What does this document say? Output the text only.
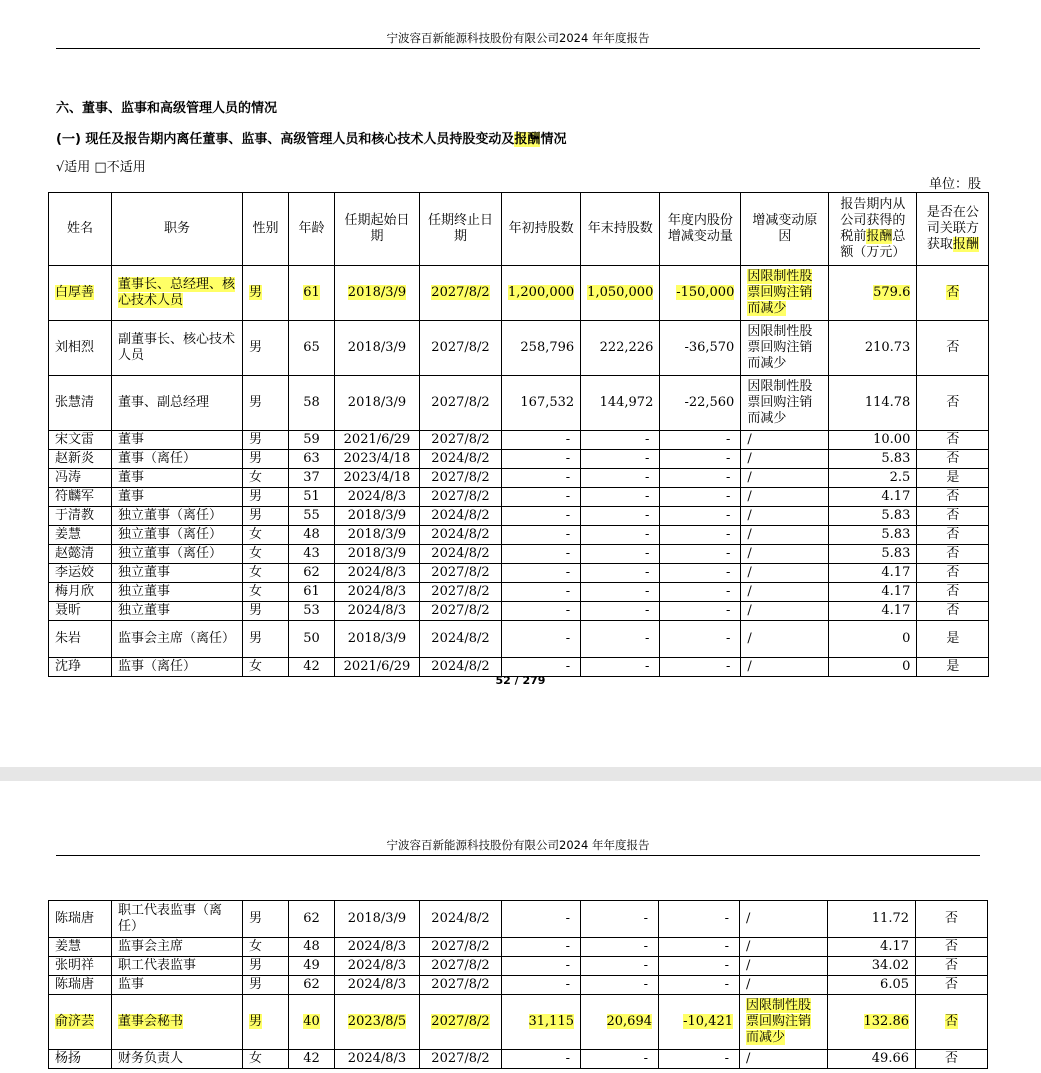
宁波容百新能源科技股份有限公司2024 年年度报告
六、董事、监事和高级管理人员的情况
(一) 现任及报告期内离任董事、监事、高级管理人员和核心技术人员持股变动及报酬情况
√适用 □不适用
单位：股
姓名	职务	性别	年龄	任期起始日期	任期终止日期	年初持股数	年末持股数	年度内股份增减变动量	增减变动原因	报告期内从公司获得的税前报酬总额（万元）	是否在公司关联方获取报酬
白厚善	董事长、总经理、核心技术人员	男	61	2018/3/9	2027/8/2	1,200,000	1,050,000	-150,000	因限制性股票回购注销而减少	579.6	否
刘相烈	副董事长、核心技术人员	男	65	2018/3/9	2027/8/2	258,796	222,226	-36,570	因限制性股票回购注销而减少	210.73	否
张慧清	董事、副总经理	男	58	2018/3/9	2027/8/2	167,532	144,972	-22,560	因限制性股票回购注销而减少	114.78	否
宋文雷	董事	男	59	2021/6/29	2027/8/2	-	-	-	/	10.00	否
赵新炎	董事（离任）	男	63	2023/4/18	2024/8/2	-	-	-	/	5.83	否
冯涛	董事	女	37	2023/4/18	2027/8/2	-	-	-	/	2.5	是
符麟军	董事	男	51	2024/8/3	2027/8/2	-	-	-	/	4.17	否
于清教	独立董事（离任）	男	55	2018/3/9	2024/8/2	-	-	-	/	5.83	否
姜慧	独立董事（离任）	女	48	2018/3/9	2024/8/2	-	-	-	/	5.83	否
赵懿清	独立董事（离任）	女	43	2018/3/9	2024/8/2	-	-	-	/	5.83	否
李运姣	独立董事	女	62	2024/8/3	2027/8/2	-	-	-	/	4.17	否
梅月欣	独立董事	女	61	2024/8/3	2027/8/2	-	-	-	/	4.17	否
聂昕	独立董事	男	53	2024/8/3	2027/8/2	-	-	-	/	4.17	否
朱岩	监事会主席（离任）	男	50	2018/3/9	2024/8/2	-	-	-	/	0	是
沈琤	监事（离任）	女	42	2021/6/29	2024/8/2	-	-	-	/	0	是
52 / 279
宁波容百新能源科技股份有限公司2024 年年度报告
陈瑞唐	职工代表监事（离任）	男	62	2018/3/9	2024/8/2	-	-	-	/	11.72	否
姜慧	监事会主席	女	48	2024/8/3	2027/8/2	-	-	-	/	4.17	否
张明祥	职工代表监事	男	49	2024/8/3	2027/8/2	-	-	-	/	34.02	否
陈瑞唐	监事	男	62	2024/8/3	2027/8/2	-	-	-	/	6.05	否
俞济芸	董事会秘书	男	40	2023/8/5	2027/8/2	31,115	20,694	-10,421	因限制性股票回购注销而减少	132.86	否
杨扬	财务负责人	女	42	2024/8/3	2027/8/2	-	-	-	/	49.66	否
